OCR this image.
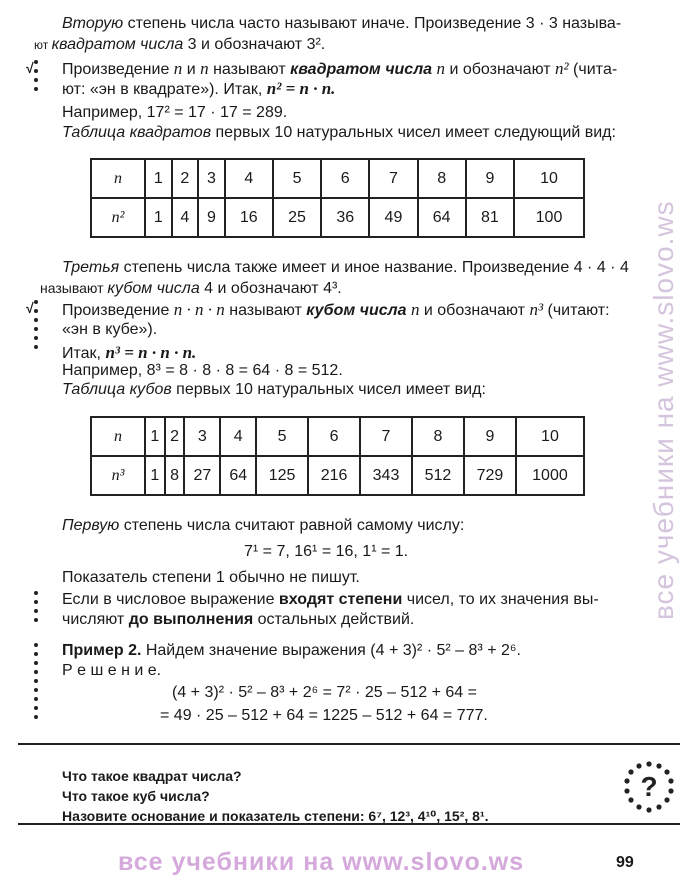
Вторую степень числа часто называют иначе. Произведение 3 · 3 называ-
ют квадратом числа 3 и обозначают 3².
√ Произведение n и n называют квадратом числа n и обозначают n² (читa-
ют: «эн в квадрате»). Итак, n² = n · n.
Например, 17² = 17 · 17 = 289.
Таблица квадратов первых 10 натуральных чисел имеет следующий вид:
n	1	2	3	4	5	6	7	8	9	10
n²	1	4	9	16	25	36	49	64	81	100
Третья степень числа также имеет и иное название. Произведение 4 · 4 · 4
называют кубом числа 4 и обозначают 4³.
√ Произведение n · n · n называют кубом числа n и обозначают n³ (читают:
«эн в кубе»).
Итак, n³ = n · n · n.
Например, 8³ = 8 · 8 · 8 = 64 · 8 = 512.
Таблица кубов первых 10 натуральных чисел имеет вид:
n	1	2	3	4	5	6	7	8	9	10
n³	1	8	27	64	125	216	343	512	729	1000
Первую степень числа считают равной самому числу:
7¹ = 7, 16¹ = 16, 1¹ = 1.
Показатель степени 1 обычно не пишут.
Если в числовое выражение входят степени чисел, то их значения вы-
числяют до выполнения остальных действий.
Пример 2. Найдем значение выражения (4 + 3)² · 5² – 8³ + 2⁶.
Р е ш е н и е.
(4 + 3)² · 5² – 8³ + 2⁶ = 7² · 25 – 512 + 64 =
= 49 · 25 – 512 + 64 = 1225 – 512 + 64 = 777.
Что такое квадрат числа?
Что такое куб числа?
Назовите основание и показатель степени: 6⁷, 12³, 4¹⁰, 15², 8¹.
?
все учебники на www.slovo.ws
все учебники на www.slovo.ws	99
